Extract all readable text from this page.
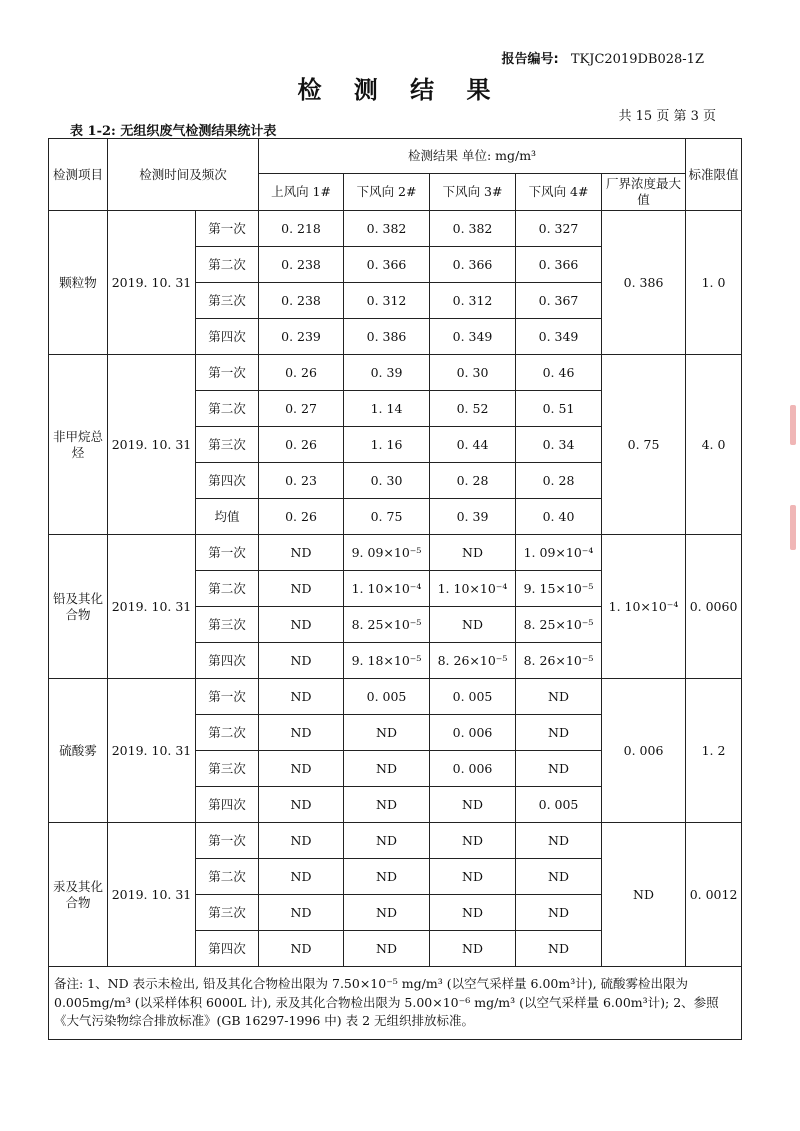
报告编号: TKJC2019DB028-1Z
检 测 结 果
共 15 页 第 3 页
表 1-2: 无组织废气检测结果统计表
检测项目	检测时间及频次		检测结果 单位: mg/m³					标准限值
			上风向 1#	下风向 2#	下风向 3#	下风向 4#	厂界浓度最大值	
颗粒物	2019. 10. 31	第一次	0. 218	0. 382	0. 382	0. 327	0. 386	1. 0
		第二次	0. 238	0. 366	0. 366	0. 366		
		第三次	0. 238	0. 312	0. 312	0. 367		
		第四次	0. 239	0. 386	0. 349	0. 349		
非甲烷总烃	2019. 10. 31	第一次	0. 26	0. 39	0. 30	0. 46	0. 75	4. 0
		第二次	0. 27	1. 14	0. 52	0. 51		
		第三次	0. 26	1. 16	0. 44	0. 34		
		第四次	0. 23	0. 30	0. 28	0. 28		
		均值	0. 26	0. 75	0. 39	0. 40		
铅及其化合物	2019. 10. 31	第一次	ND	9. 09×10⁻⁵	ND	1. 09×10⁻⁴	1. 10×10⁻⁴	0. 0060
		第二次	ND	1. 10×10⁻⁴	1. 10×10⁻⁴	9. 15×10⁻⁵		
		第三次	ND	8. 25×10⁻⁵	ND	8. 25×10⁻⁵		
		第四次	ND	9. 18×10⁻⁵	8. 26×10⁻⁵	8. 26×10⁻⁵		
硫酸雾	2019. 10. 31	第一次	ND	0. 005	0. 005	ND	0. 006	1. 2
		第二次	ND	ND	0. 006	ND		
		第三次	ND	ND	0. 006	ND		
		第四次	ND	ND	ND	0. 005		
汞及其化合物	2019. 10. 31	第一次	ND	ND	ND	ND	ND	0. 0012
		第二次	ND	ND	ND	ND		
		第三次	ND	ND	ND	ND		
		第四次	ND	ND	ND	ND		
备注: 1、ND 表示未检出, 铅及其化合物检出限为 7.50×10⁻⁵ mg/m³ (以空气采样量 6.00m³计), 硫酸雾检出限为 0.005mg/m³ (以采样体积 6000L 计), 汞及其化合物检出限为 5.00×10⁻⁶ mg/m³ (以空气采样量 6.00m³计); 2、参照《大气污染物综合排放标准》(GB 16297-1996 中) 表 2 无组织排放标准。								
